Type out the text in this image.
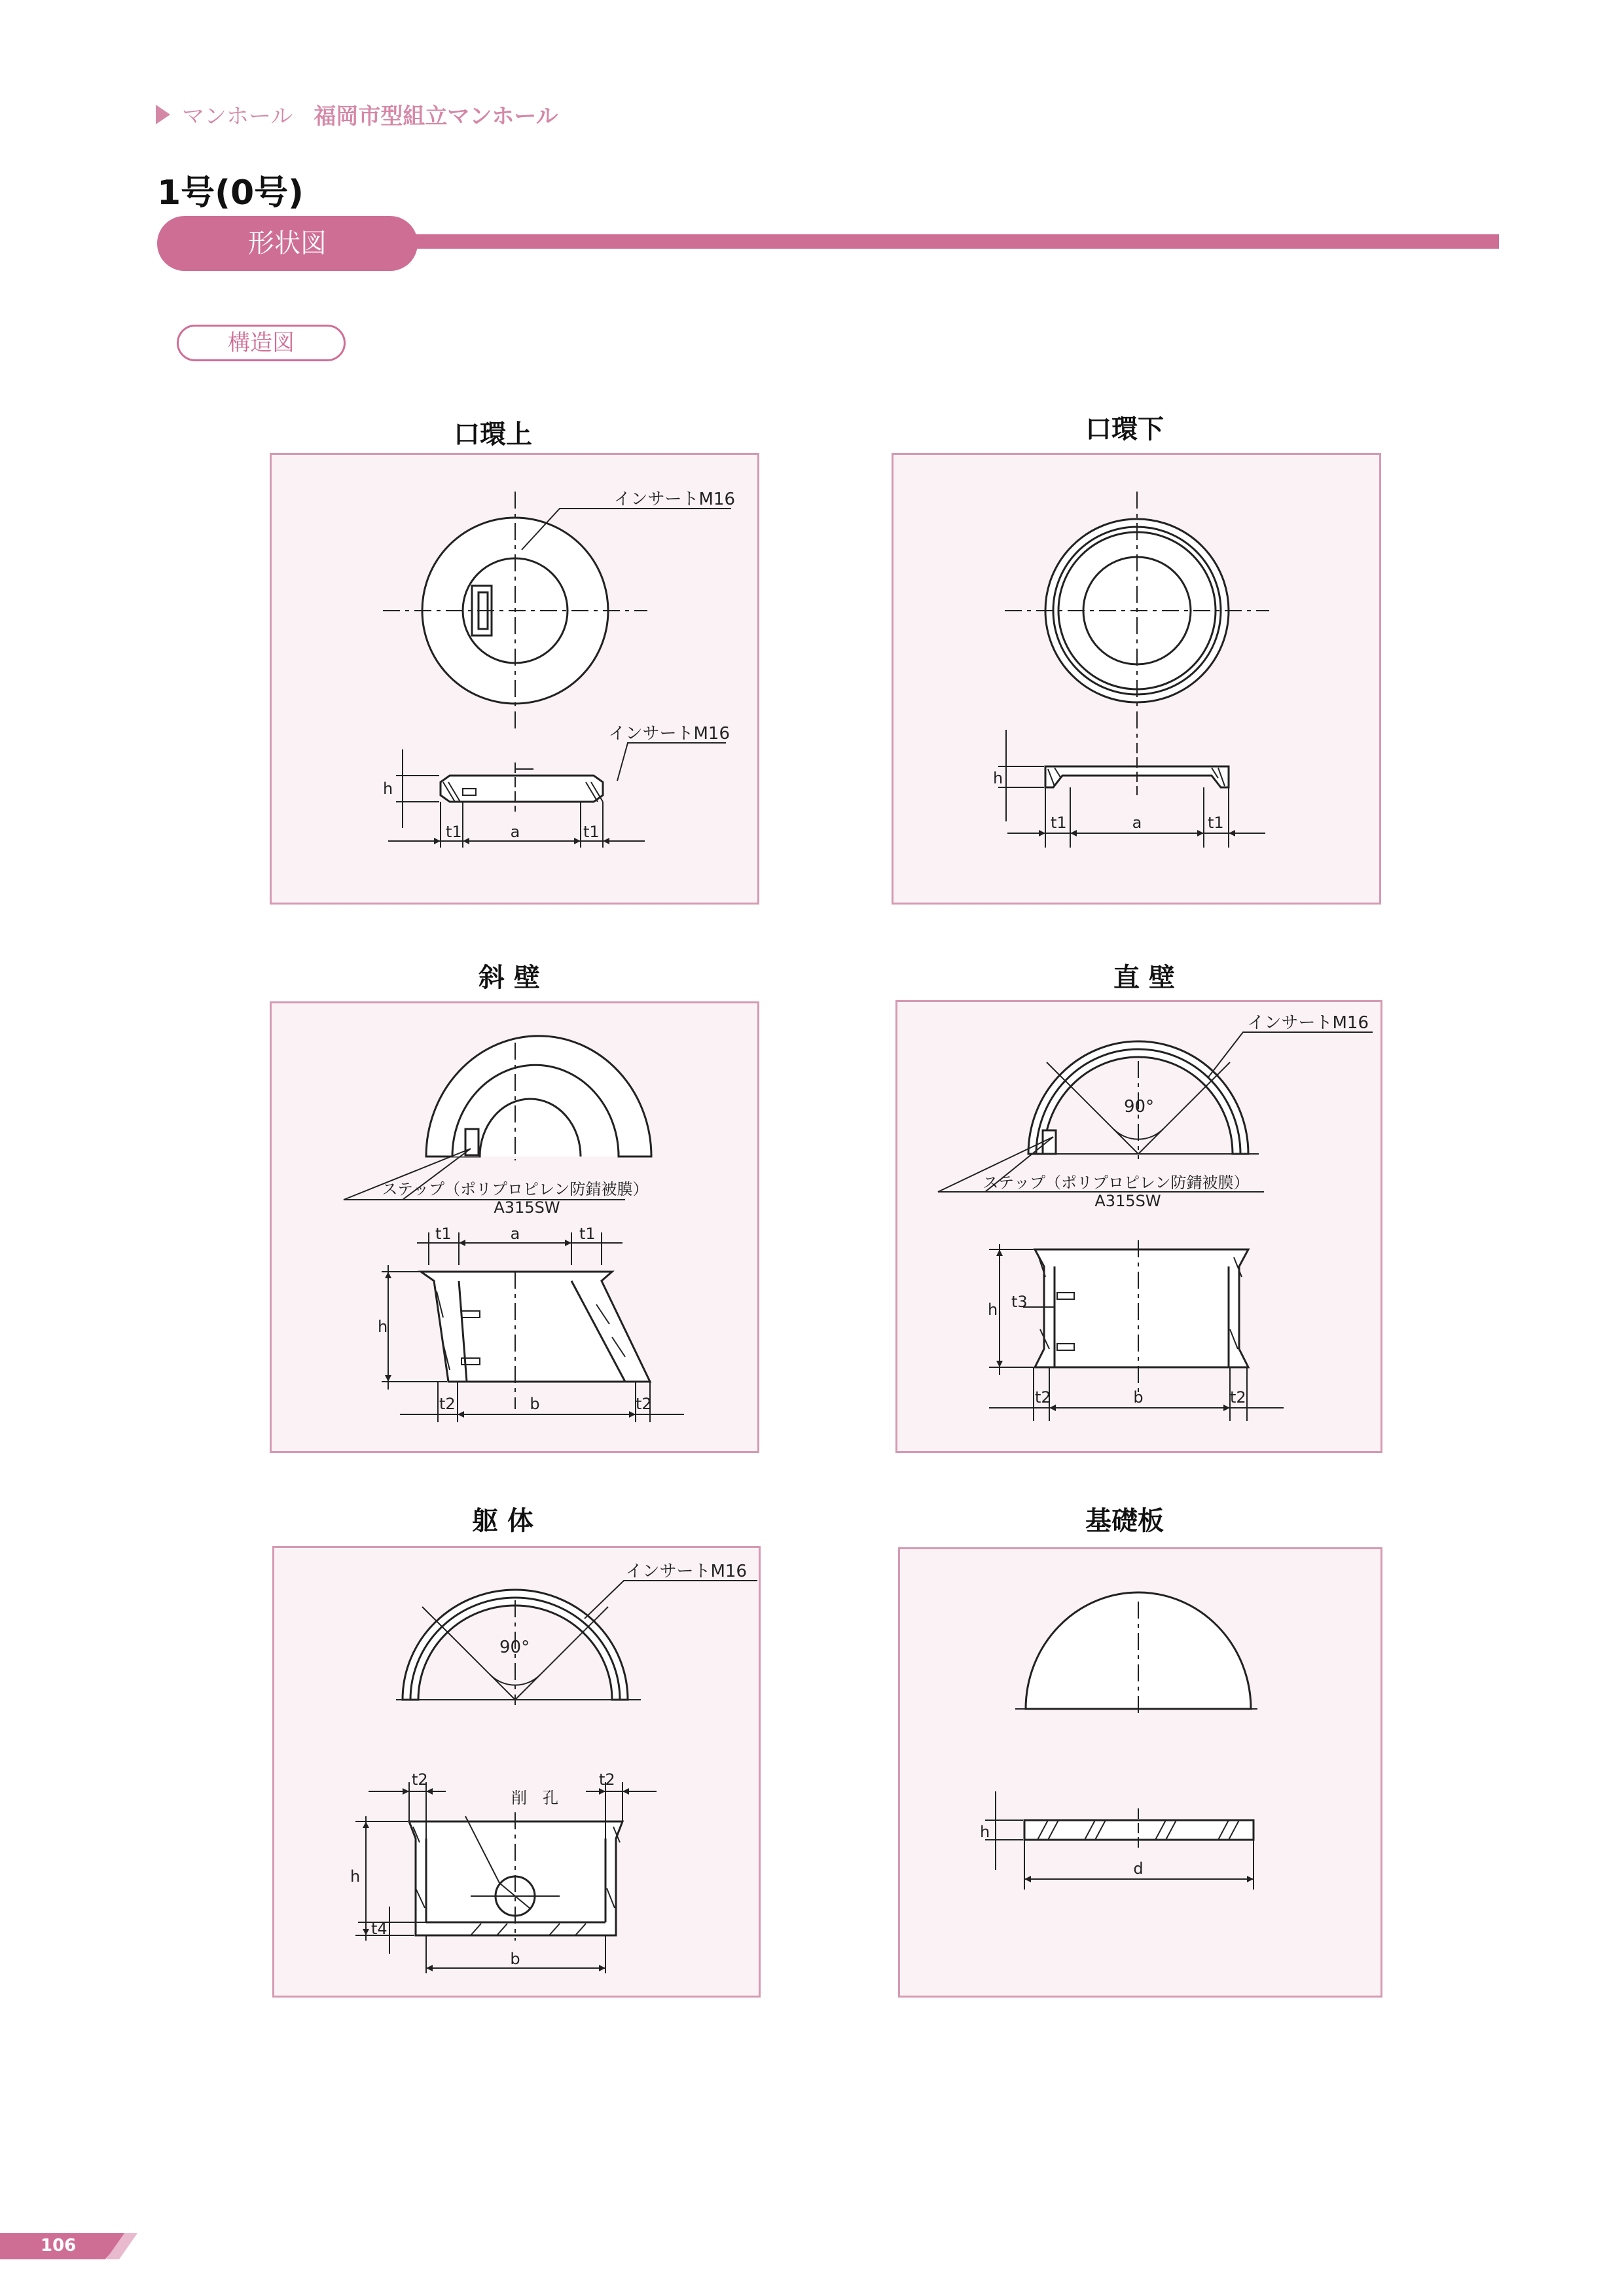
マンホール 福岡市型組立マンホール
1号(0号)
形状図
構造図
口環上	口環下
斜 壁	直 壁
躯 体	基礎板
インサートM16
インサートM16
h
t1	a	t1
h
t1	a	t1
ステップ（ポリプロピレン防錆被膜）
A315SW
t1	a	t1
h
t2	b	t2
インサートM16
90°
ステップ（ポリプロピレン防錆被膜）
A315SW
h t3
t2	b	t2
インサートM16
90°
t2	t2
削　孔
h
t4
b
h
d
106
